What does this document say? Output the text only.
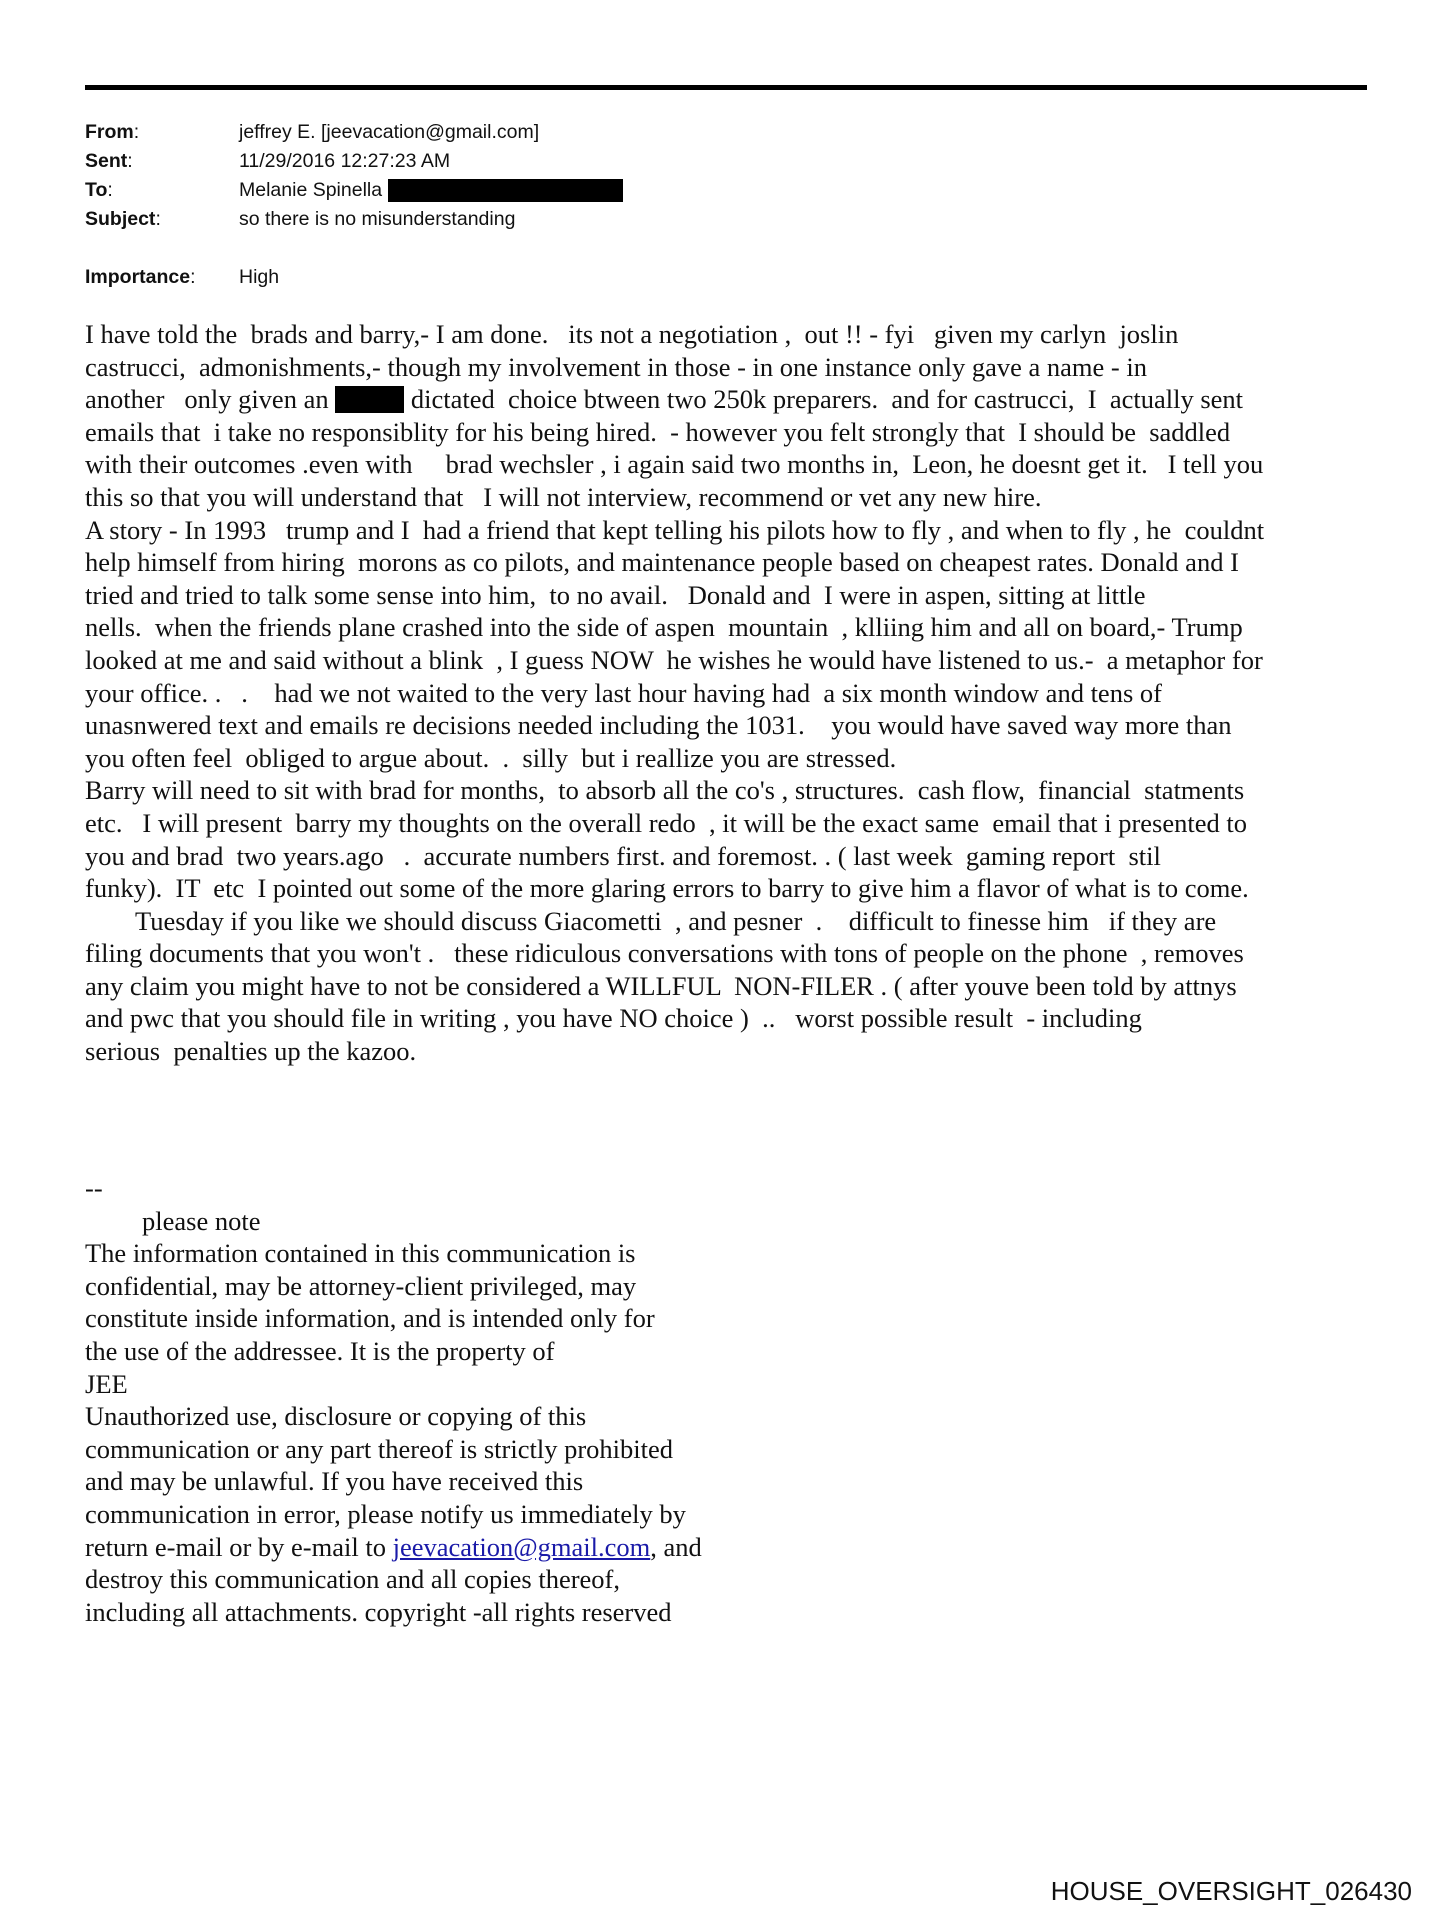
From:	jeffrey E. [jeevacation@gmail.com]
Sent:	11/29/2016 12:27:23 AM
To:	Melanie Spinella
Subject:	so there is no misunderstanding
Importance:	High
I have told the  brads and barry,- I am done.   its not a negotiation ,  out !! - fyi   given my carlyn  joslin
castrucci,  admonishments,- though my involvement in those - in one instance only gave a name - in
another   only given an	dictated  choice btween two 250k preparers.  and for castrucci,  I  actually sent
emails that  i take no responsiblity for his being hired.  - however you felt strongly that  I should be  saddled
with their outcomes .even with     brad wechsler , i again said two months in,  Leon, he doesnt get it.   I tell you
this so that you will understand that   I will not interview, recommend or vet any new hire.
A story - In 1993   trump and I  had a friend that kept telling his pilots how to fly , and when to fly , he  couldnt
help himself from hiring  morons as co pilots, and maintenance people based on cheapest rates. Donald and I
tried and tried to talk some sense into him,  to no avail.   Donald and  I were in aspen, sitting at little
nells.  when the friends plane crashed into the side of aspen  mountain  , klliing him and all on board,- Trump
looked at me and said without a blink  , I guess NOW  he wishes he would have listened to us.-  a metaphor for
your office. .   .    had we not waited to the very last hour having had  a six month window and tens of
unasnwered text and emails re decisions needed including the 1031.    you would have saved way more than
you often feel  obliged to argue about.  .  silly  but i reallize you are stressed.
Barry will need to sit with brad for months,  to absorb all the co's , structures.  cash flow,  financial  statments
etc.   I will present  barry my thoughts on the overall redo  , it will be the exact same  email that i presented to
you and brad  two years.ago   .  accurate numbers first. and foremost. . ( last week  gaming report  stil
funky).  IT  etc  I pointed out some of the more glaring errors to barry to give him a flavor of what is to come.
Tuesday if you like we should discuss Giacometti  , and pesner  .    difficult to finesse him   if they are
filing documents that you won't .   these ridiculous conversations with tons of people on the phone  , removes
any claim you might have to not be considered a WILLFUL  NON-FILER . ( after youve been told by attnys
and pwc that you should file in writing , you have NO choice )  ..   worst possible result  - including
serious  penalties up the kazoo.
--
please note
The information contained in this communication is
confidential, may be attorney-client privileged, may
constitute inside information, and is intended only for
the use of the addressee. It is the property of
JEE
Unauthorized use, disclosure or copying of this
communication or any part thereof is strictly prohibited
and may be unlawful. If you have received this
communication in error, please notify us immediately by
return e-mail or by e-mail to jeevacation@gmail.com, and
destroy this communication and all copies thereof,
including all attachments. copyright -all rights reserved
HOUSE_OVERSIGHT_026430
